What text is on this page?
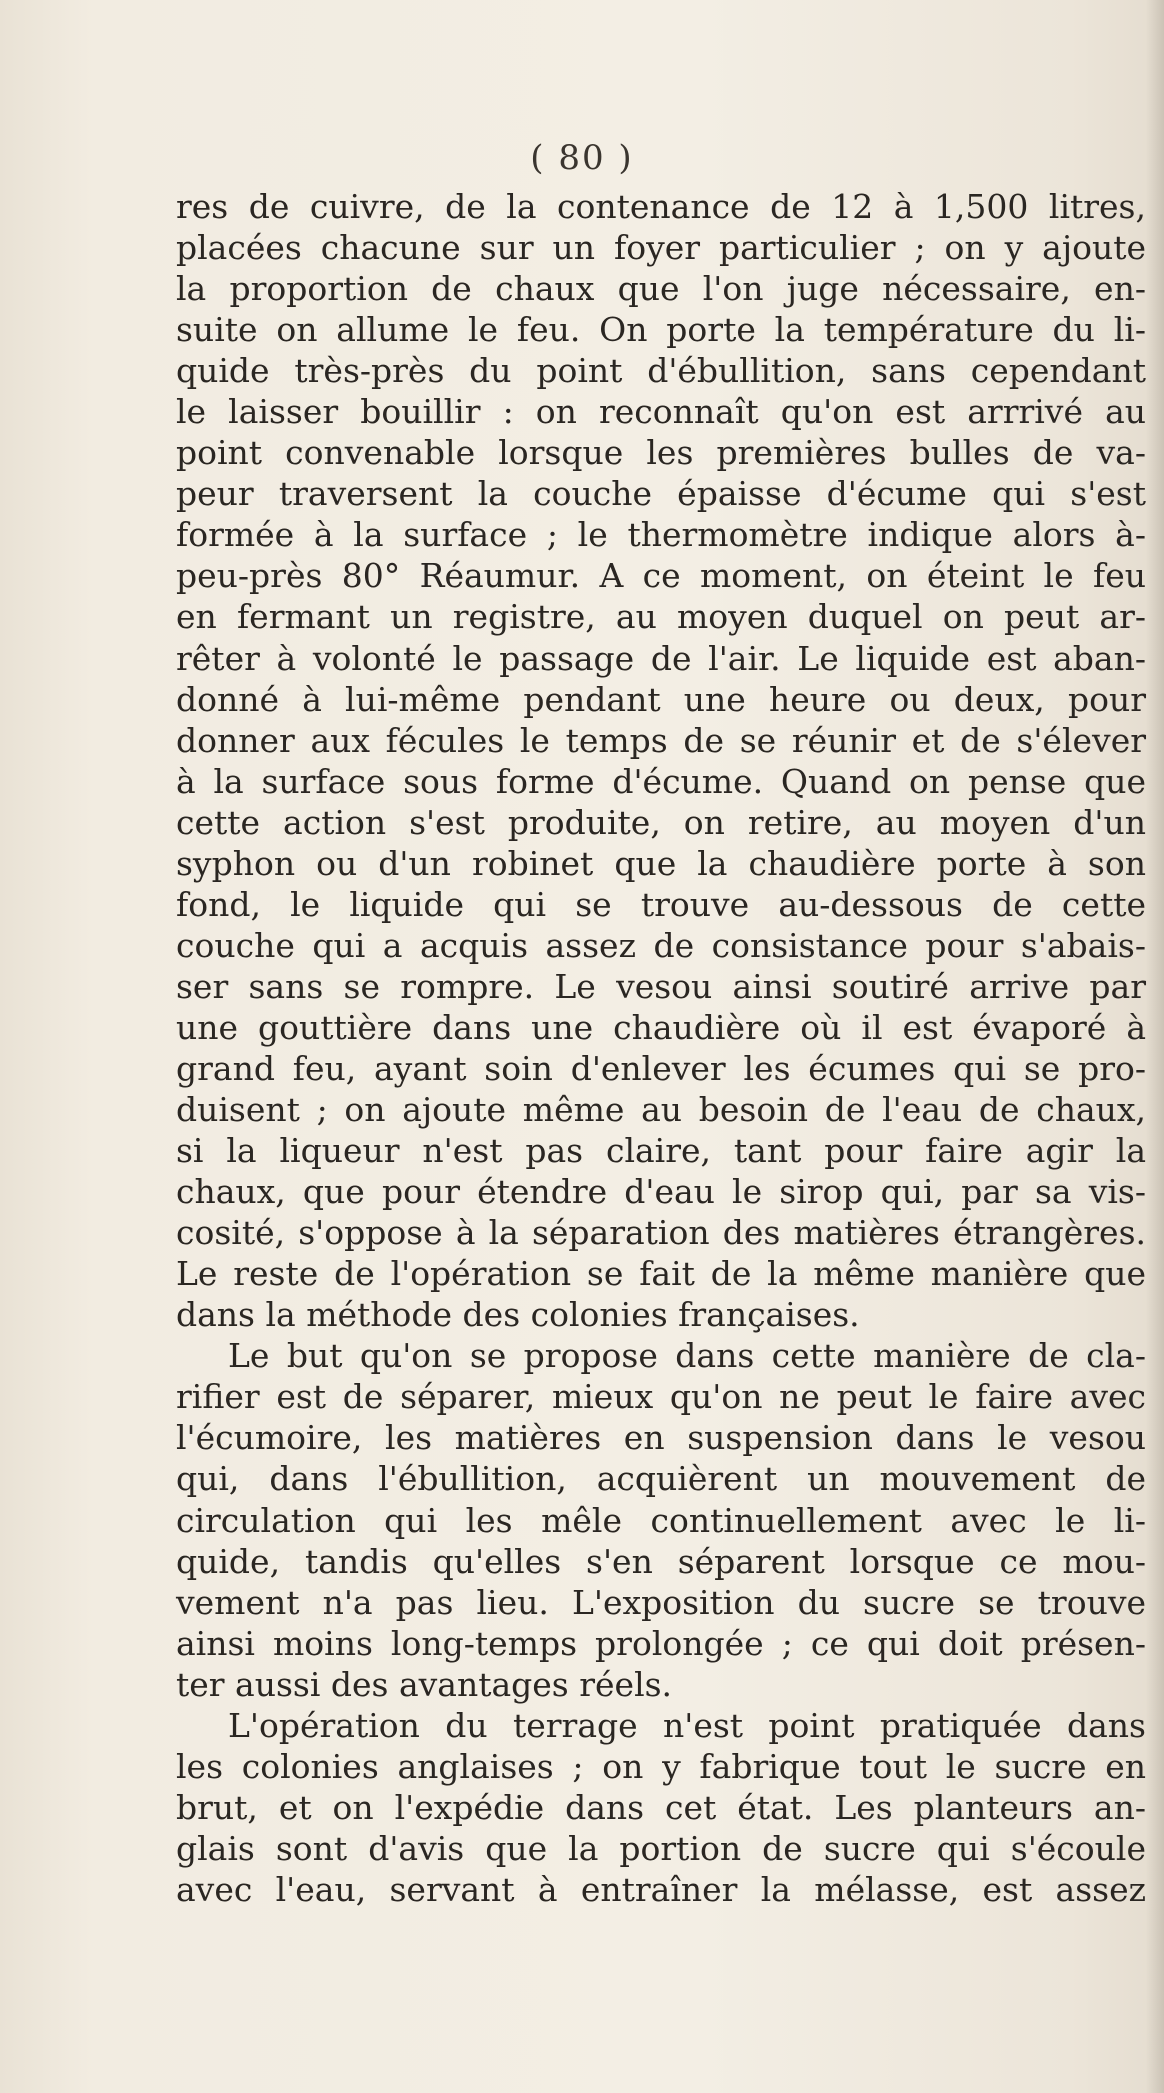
( 80 )
res de cuivre, de la contenance de 12 à 1,500 litres,
placées chacune sur un foyer particulier ; on y ajoute
la proportion de chaux que l'on juge nécessaire, en-
suite on allume le feu. On porte la température du li-
quide très-près du point d'ébullition, sans cependant
le laisser bouillir : on reconnaît qu'on est arrrivé au
point convenable lorsque les premières bulles de va-
peur traversent la couche épaisse d'écume qui s'est
formée à la surface ; le thermomètre indique alors à-
peu-près 80° Réaumur. A ce moment, on éteint le feu
en fermant un registre, au moyen duquel on peut ar-
rêter à volonté le passage de l'air. Le liquide est aban-
donné à lui-même pendant une heure ou deux, pour
donner aux fécules le temps de se réunir et de s'élever
à la surface sous forme d'écume. Quand on pense que
cette action s'est produite, on retire, au moyen d'un
syphon ou d'un robinet que la chaudière porte à son
fond, le liquide qui se trouve au-dessous de cette
couche qui a acquis assez de consistance pour s'abais-
ser sans se rompre. Le vesou ainsi soutiré arrive par
une gouttière dans une chaudière où il est évaporé à
grand feu, ayant soin d'enlever les écumes qui se pro-
duisent ; on ajoute même au besoin de l'eau de chaux,
si la liqueur n'est pas claire, tant pour faire agir la
chaux, que pour étendre d'eau le sirop qui, par sa vis-
cosité, s'oppose à la séparation des matières étrangères.
Le reste de l'opération se fait de la même manière que
dans la méthode des colonies françaises.
Le but qu'on se propose dans cette manière de cla-
rifier est de séparer, mieux qu'on ne peut le faire avec
l'écumoire, les matières en suspension dans le vesou
qui, dans l'ébullition, acquièrent un mouvement de
circulation qui les mêle continuellement avec le li-
quide, tandis qu'elles s'en séparent lorsque ce mou-
vement n'a pas lieu. L'exposition du sucre se trouve
ainsi moins long-temps prolongée ; ce qui doit présen-
ter aussi des avantages réels.
L'opération du terrage n'est point pratiquée dans
les colonies anglaises ; on y fabrique tout le sucre en
brut, et on l'expédie dans cet état. Les planteurs an-
glais sont d'avis que la portion de sucre qui s'écoule
avec l'eau, servant à entraîner la mélasse, est assez
